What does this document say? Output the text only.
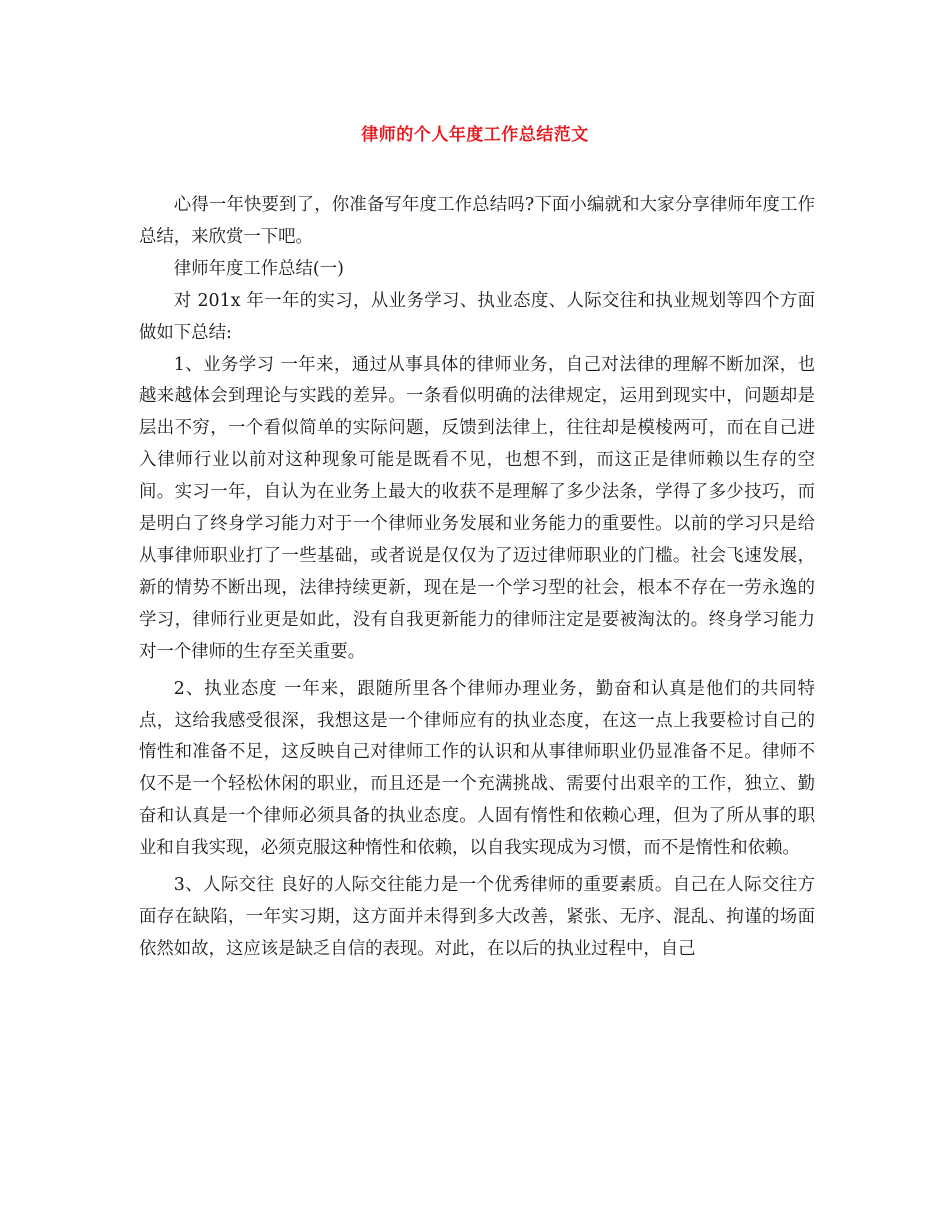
律师的个人年度工作总结范文

心得一年快要到了，你准备写年度工作总结吗?下面小编就和大家分享律师年度工作总结，来欣赏一下吧。

律师年度工作总结(一)

对 201x 年一年的实习，从业务学习、执业态度、人际交往和执业规划等四个方面做如下总结:

1、业务学习 一年来，通过从事具体的律师业务，自己对法律的理解不断加深，也越来越体会到理论与实践的差异。一条看似明确的法律规定，运用到现实中，问题却是层出不穷，一个看似简单的实际问题，反馈到法律上，往往却是模棱两可，而在自己进入律师行业以前对这种现象可能是既看不见，也想不到，而这正是律师赖以生存的空间。实习一年，自认为在业务上最大的收获不是理解了多少法条，学得了多少技巧，而是明白了终身学习能力对于一个律师业务发展和业务能力的重要性。以前的学习只是给从事律师职业打了一些基础，或者说是仅仅为了迈过律师职业的门槛。社会飞速发展，新的情势不断出现，法律持续更新，现在是一个学习型的社会，根本不存在一劳永逸的学习，律师行业更是如此，没有自我更新能力的律师注定是要被淘汰的。终身学习能力对一个律师的生存至关重要。

2、执业态度 一年来，跟随所里各个律师办理业务，勤奋和认真是他们的共同特点，这给我感受很深，我想这是一个律师应有的执业态度，在这一点上我要检讨自己的惰性和准备不足，这反映自己对律师工作的认识和从事律师职业仍显准备不足。律师不仅不是一个轻松休闲的职业，而且还是一个充满挑战、需要付出艰辛的工作，独立、勤奋和认真是一个律师必须具备的执业态度。人固有惰性和依赖心理，但为了所从事的职业和自我实现，必须克服这种惰性和依赖，以自我实现成为习惯，而不是惰性和依赖。

3、人际交往 良好的人际交往能力是一个优秀律师的重要素质。自己在人际交往方面存在缺陷，一年实习期，这方面并未得到多大改善，紧张、无序、混乱、拘谨的场面依然如故，这应该是缺乏自信的表现。对此，在以后的执业过程中，自己
